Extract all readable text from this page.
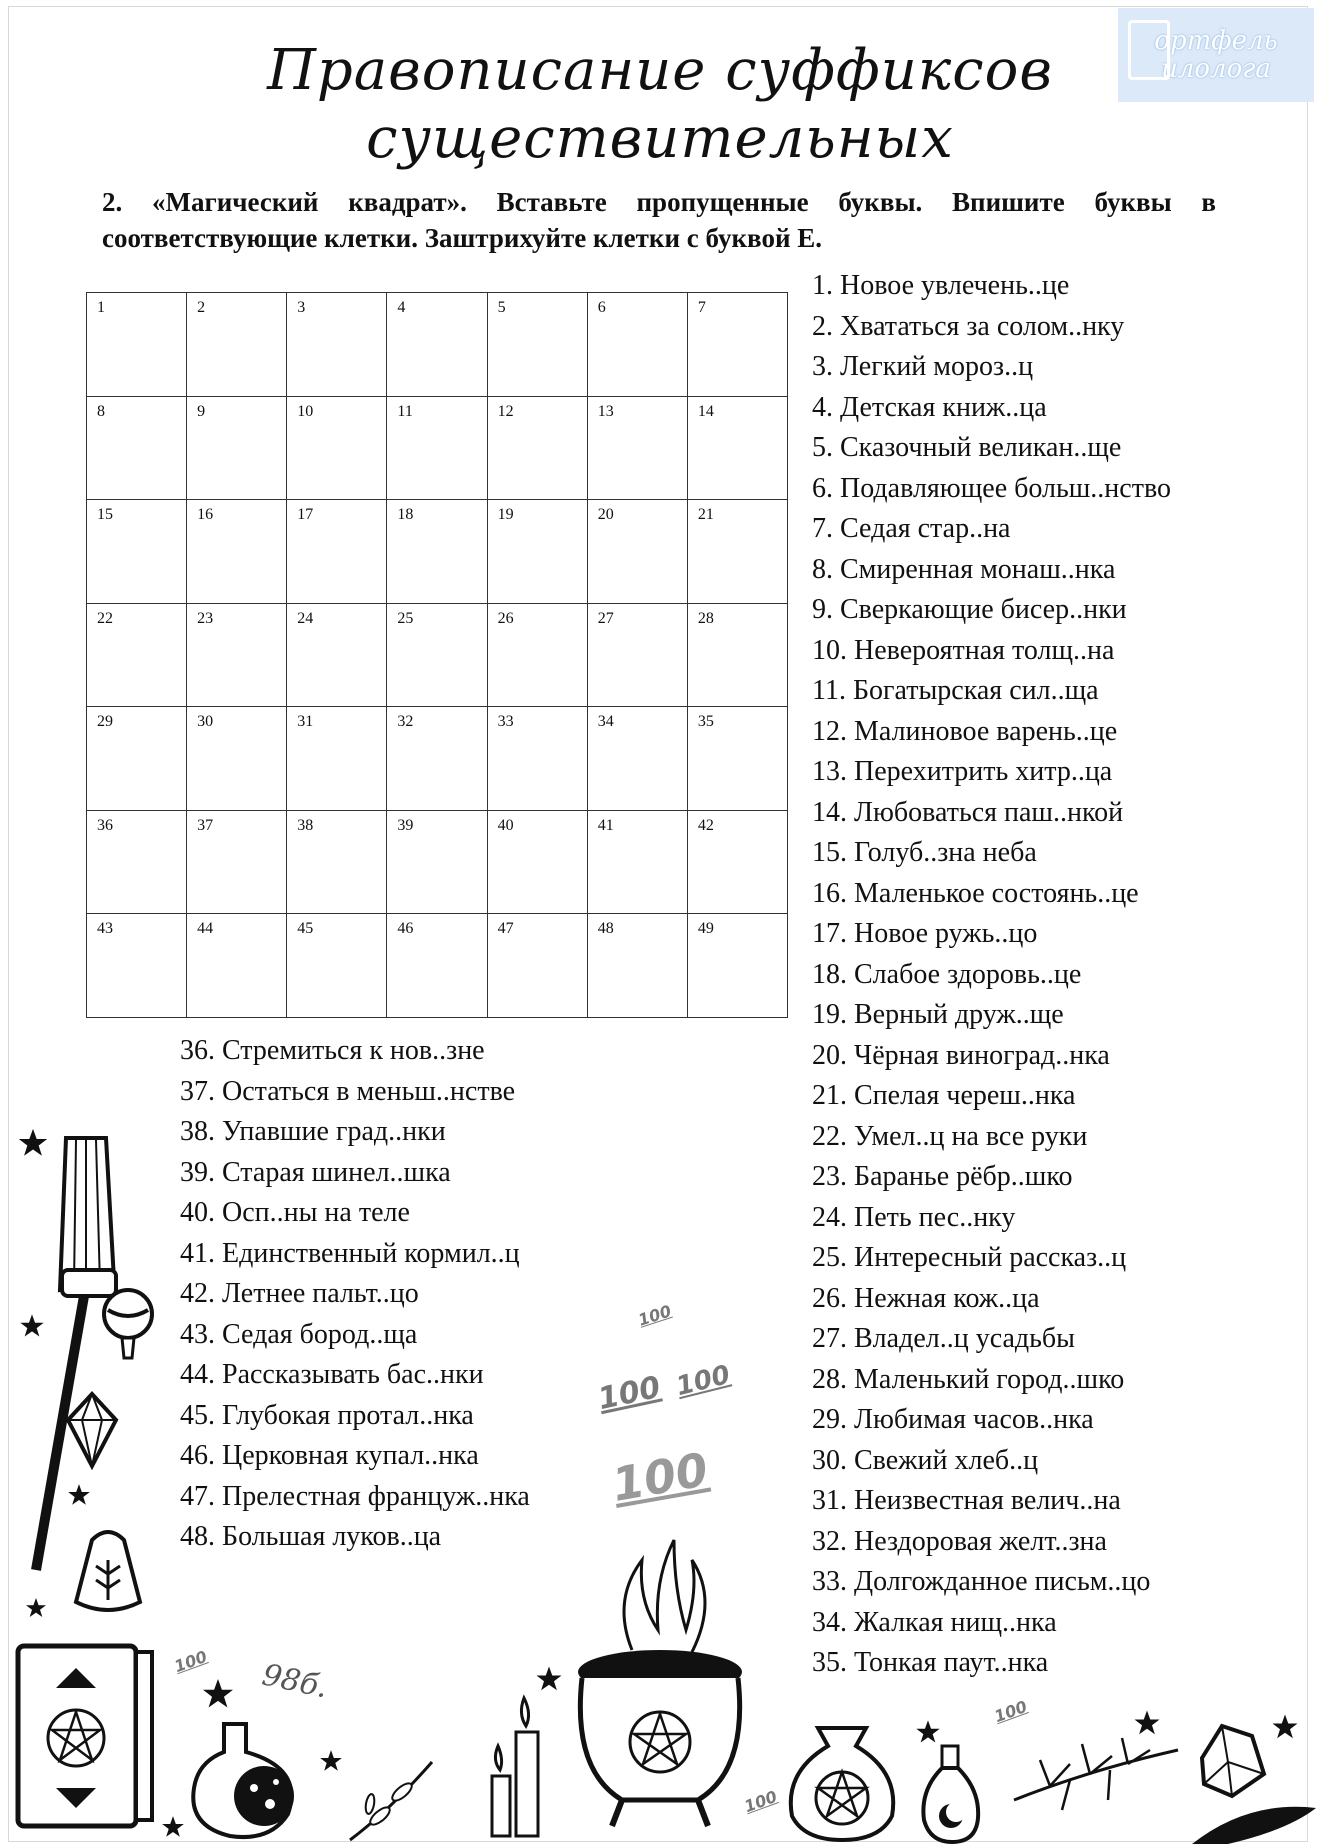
ортфель
илолога
Правописание суффиксов
существительных
2. «Магический квадрат». Вставьте пропущенные буквы. Впишите буквы в соответствующие клетки. Заштрихуйте клетки с буквой Е.
1	2	3	4	5	6	7
8	9	10	11	12	13	14
15	16	17	18	19	20	21
22	23	24	25	26	27	28
29	30	31	32	33	34	35
36	37	38	39	40	41	42
43	44	45	46	47	48	49
1. Новое увлечень..це
2. Хвататься за солом..нку
3. Легкий мороз..ц
4. Детская книж..ца
5. Сказочный великан..ще
6. Подавляющее больш..нство
7. Седая стар..на
8. Смиренная монаш..нка
9. Сверкающие бисер..нки
10. Невероятная толщ..на
11. Богатырская сил..ща
12. Малиновое варень..це
13. Перехитрить хитр..ца
14. Любоваться паш..нкой
15. Голуб..зна неба
16. Маленькое состоянь..це
17. Новое ружь..цо
18. Слабое здоровь..це
19. Верный друж..ще
20. Чёрная виноград..нка
21. Спелая череш..нка
22. Умел..ц на все руки
23. Баранье рёбр..шко
24. Петь пес..нку
25. Интересный рассказ..ц
26. Нежная кож..ца
27. Владел..ц усадьбы
28. Маленький город..шко
29. Любимая часов..нка
30. Свежий хлеб..ц
31. Неизвестная велич..на
32. Нездоровая желт..зна
33. Долгожданное письм..цо
34. Жалкая нищ..нка
35. Тонкая паут..нка
36. Стремиться к нов..зне
37. Остаться в меньш..нстве
38. Упавшие град..нки
39. Старая шинел..шка
40. Осп..ны на теле
41. Единственный кормил..ц
42. Летнее пальт..цо
43. Седая бород..ща
44. Рассказывать бас..нки
45. Глубокая протал..нка
46. Церковная купал..нка
47. Прелестная француж..нка
48. Большая луков..ца
100
100 100
100
100
100
100
98б.
